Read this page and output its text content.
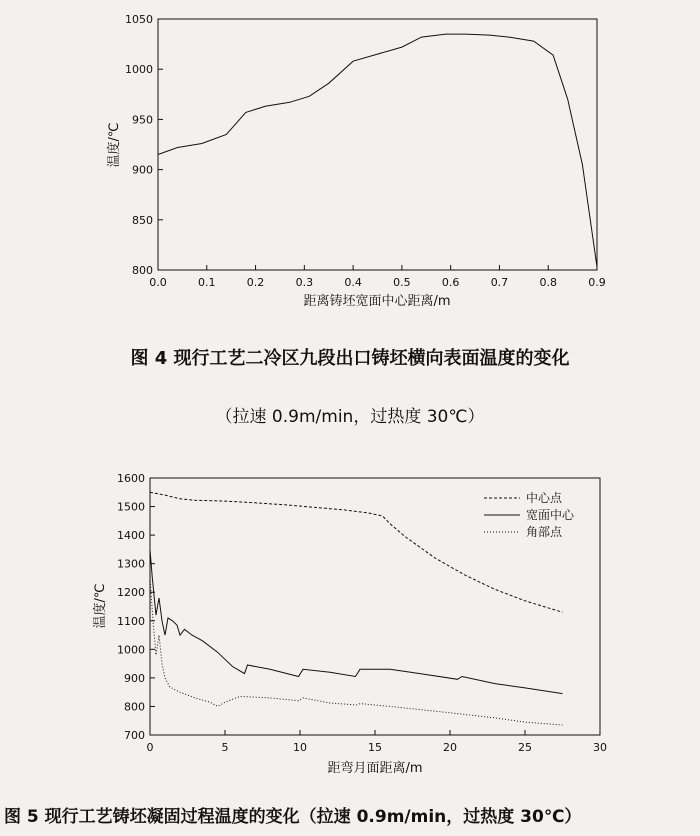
800
850
900
950
1000
1050
0.0	0.1	0.2	0.3	0.4	0.5	0.6	0.7	0.8	0.9
距离铸坯宽面中心距离/m
温度/℃
图 4 现行工艺二冷区九段出口铸坯横向表面温度的变化
（拉速 0.9m/min，过热度 30℃）
700
800
900
1000
1100
1200
1300
1400
1500
1600
0	5	10	15	20	25	30
中心点
宽面中心
角部点
距弯月面距离/m
温度/℃
图 5 现行工艺铸坯凝固过程温度的变化（拉速 0.9m/min，过热度 30℃）
